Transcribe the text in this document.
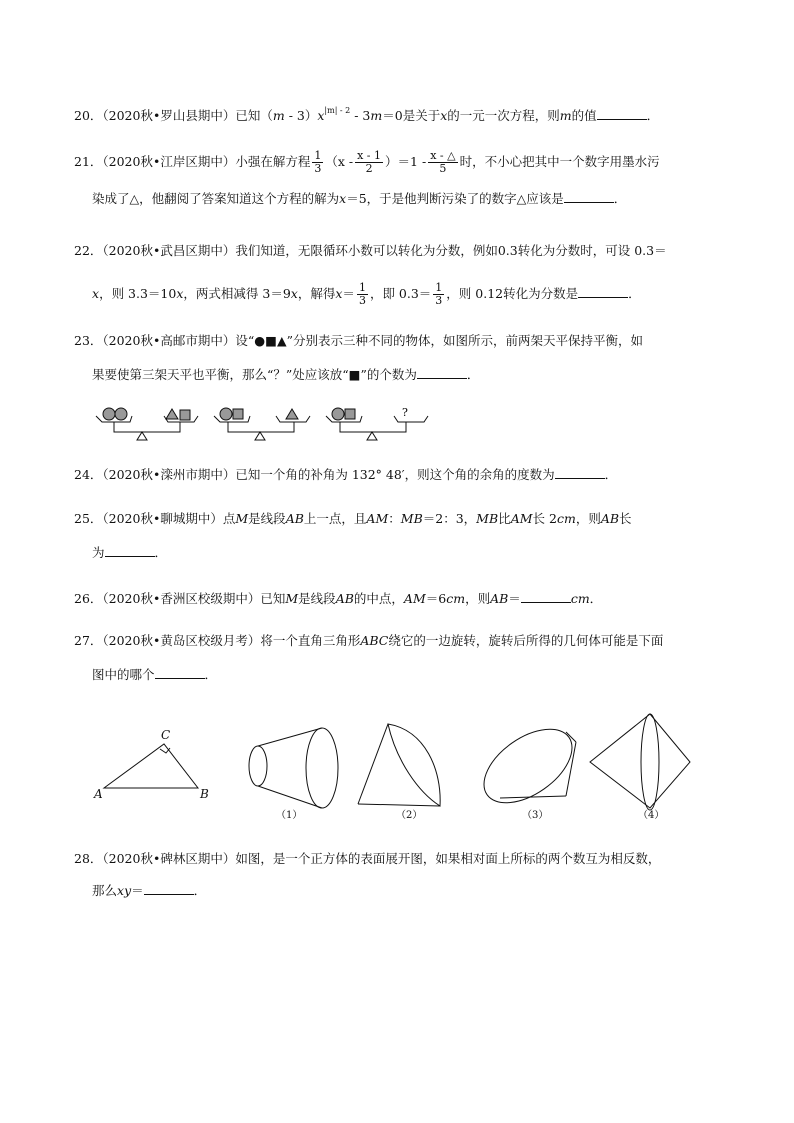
20．（2020秋•罗山县期中）已知$(m - 3)x^{|m| - 2} - 3m=0$是关于x的一元一次方程，则m的值	．
21．（2020秋•江岸区期中）小强在解方程 $\frac{1}{3} (x - \frac{x - 1}{2} )=1 - \frac{x - \triangle}{5}$ 时，不小心把其中一个数字用墨水污
染成了△，他翻阅了答案知道这个方程的解为x＝5，于是他判断污染了的数字△应该是	．
22．（2020秋•武昌区期中）我们知道，无限循环小数可以转化为分数，例如0.3转化为分数时，可设 0.3＝
x，则 3.3＝10x，两式相减得 3＝9x，解得$x= \frac{1}{3}$ ，即 $0.3= \frac{1}{3}$ ，则 0.12转化为分数是	．
23．（2020秋•高邮市期中）设“●■▲”分别表示三种不同的物体，如图所示，前两架天平保持平衡，如
果要使第三架天平也平衡，那么“？”处应该放“■”的个数为	．
?
24．（2020秋•滦州市期中）已知一个角的补角为 132° 48′，则这个角的余角的度数为	．
25．（2020秋•聊城期中）点M是线段AB上一点，且AM：MB＝2：3，MB比AM长 2cm，则AB长
为	．
26．（2020秋•香洲区校级期中）已知M是线段AB的中点，AM＝6cm，则AB＝	cm．
27．（2020秋•黄岛区校级月考）将一个直角三角形ABC绕它的一边旋转，旋转后所得的几何体可能是下面
图中的哪个	．
A	B
C
（1）	（2）	（3）	（4）
28．（2020秋•碑林区期中）如图，是一个正方体的表面展开图，如果相对面上所标的两个数互为相反数，
那么xy＝	．
